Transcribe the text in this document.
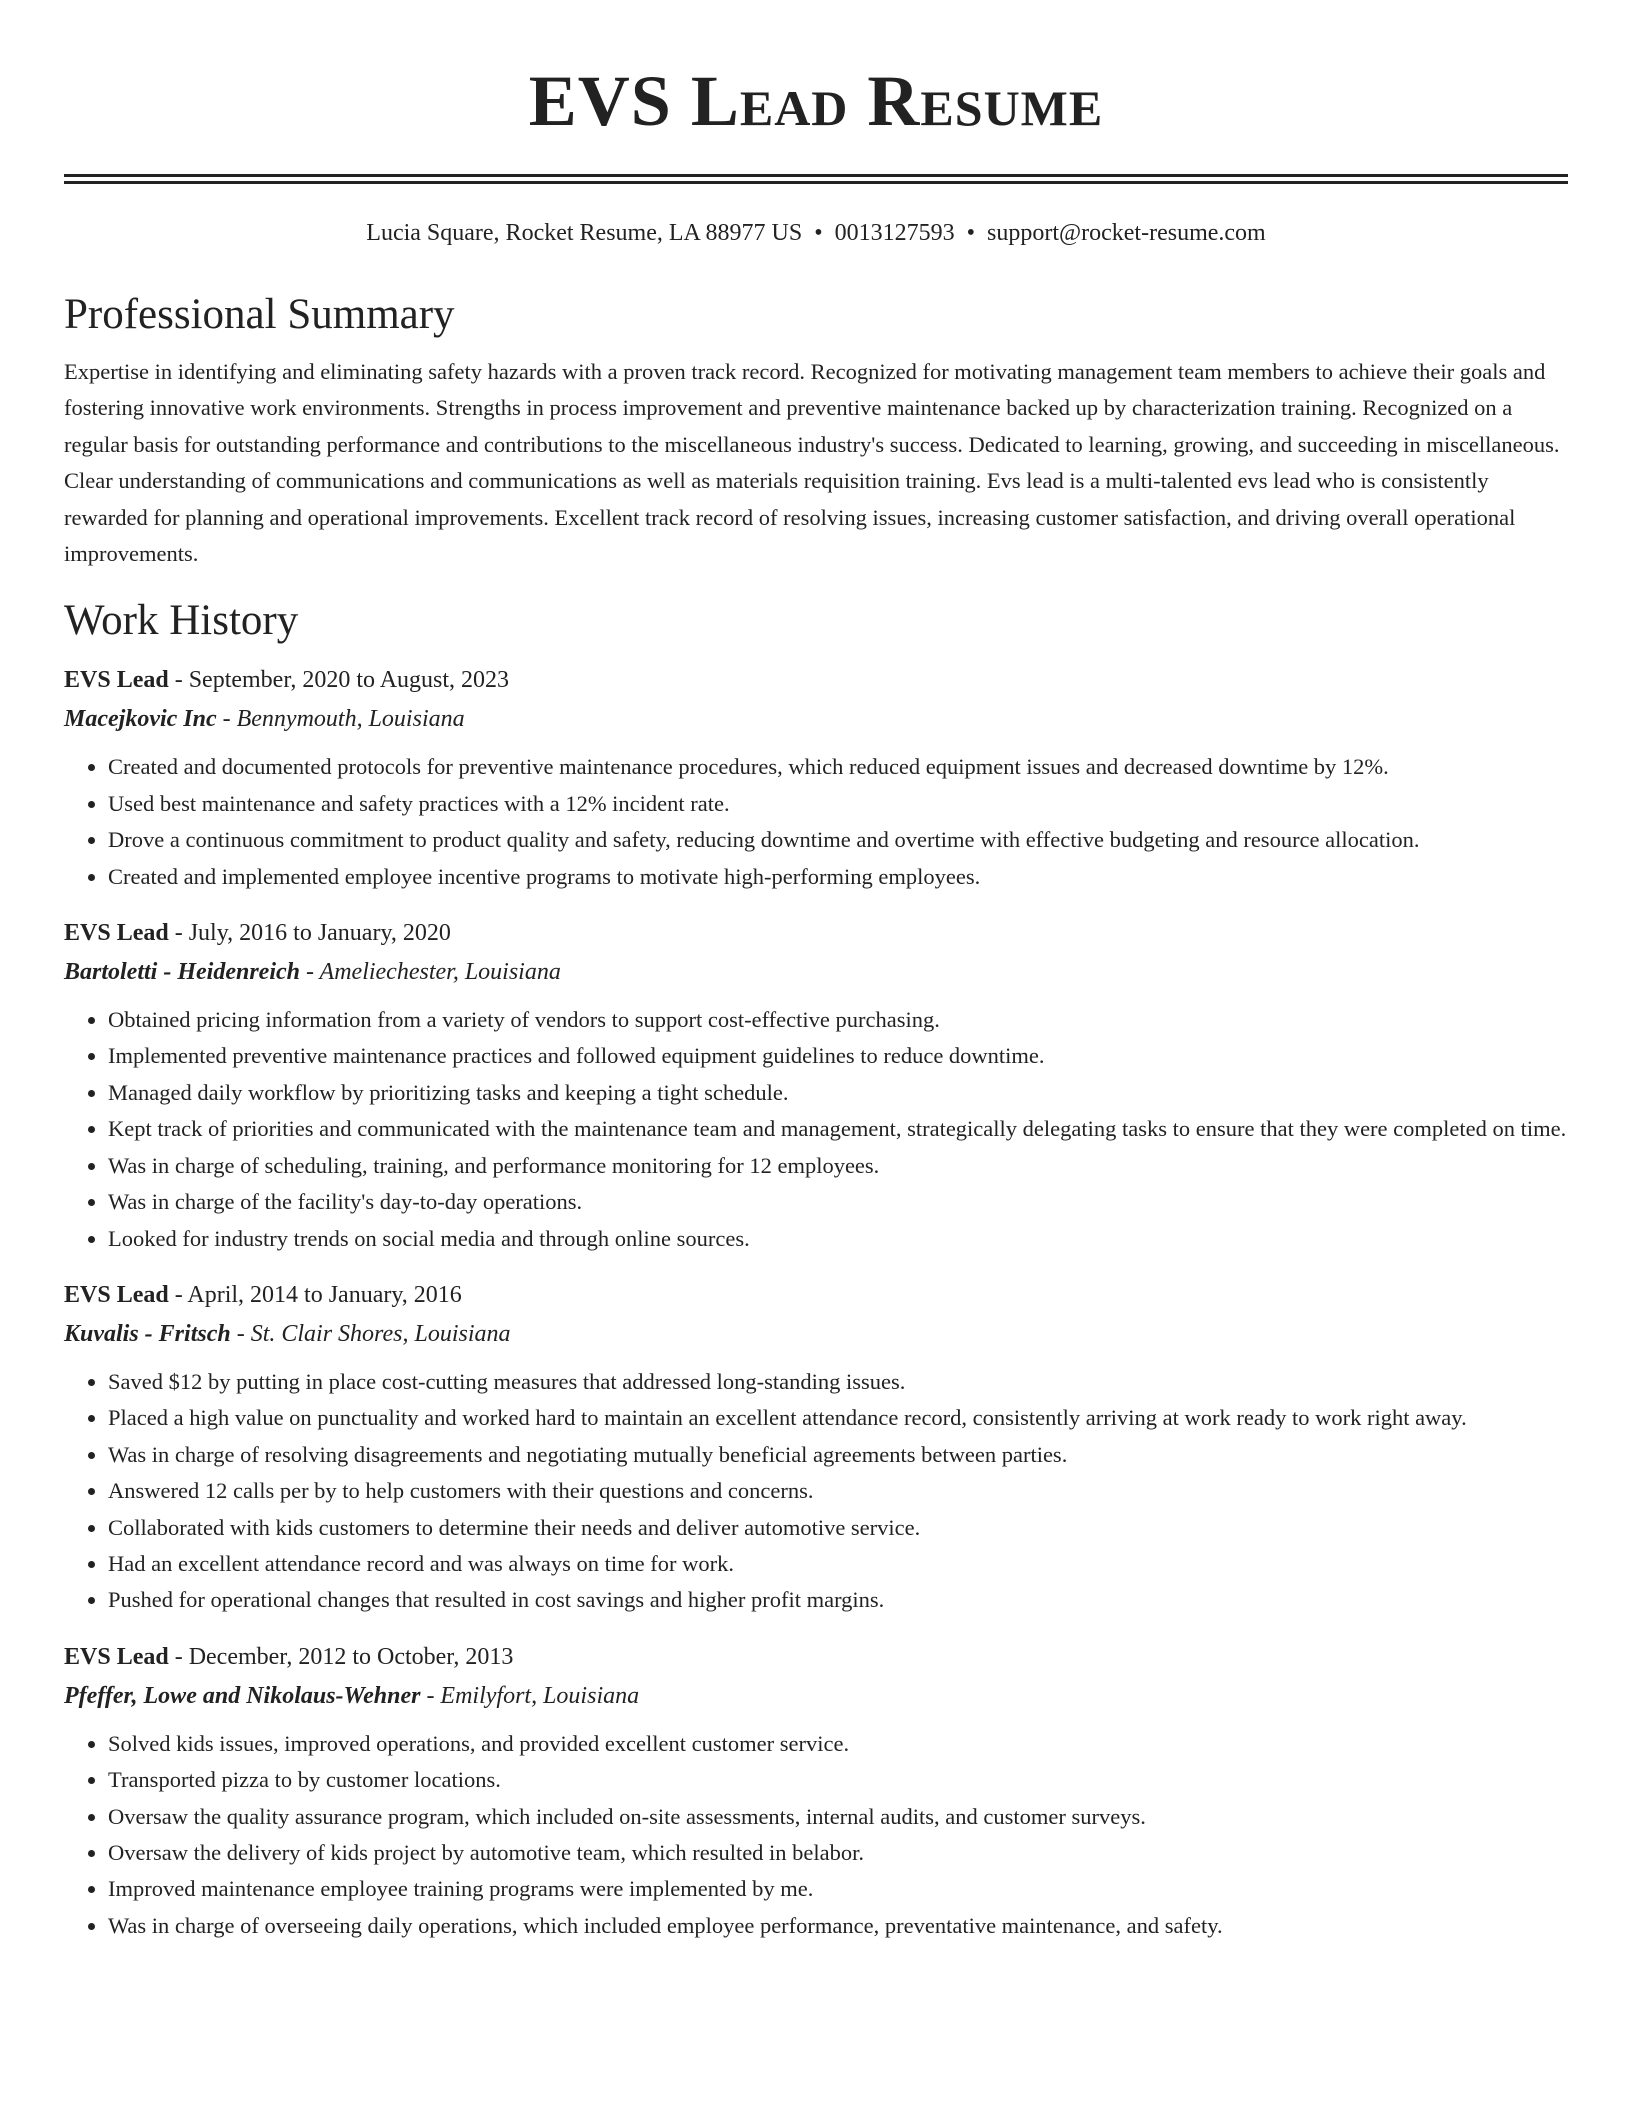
EVS Lead Resume
Lucia Square, Rocket Resume, LA 88977 US • 0013127593 • support@rocket-resume.com
Professional Summary
Expertise in identifying and eliminating safety hazards with a proven track record. Recognized for motivating management team members to achieve their goals and fostering innovative work environments. Strengths in process improvement and preventive maintenance backed up by characterization training. Recognized on a regular basis for outstanding performance and contributions to the miscellaneous industry's success. Dedicated to learning, growing, and succeeding in miscellaneous. Clear understanding of communications and communications as well as materials requisition training. Evs lead is a multi-talented evs lead who is consistently rewarded for planning and operational improvements. Excellent track record of resolving issues, increasing customer satisfaction, and driving overall operational improvements.
Work History
EVS Lead - September, 2020 to August, 2023
Macejkovic Inc - Bennymouth, Louisiana
• Created and documented protocols for preventive maintenance procedures, which reduced equipment issues and decreased downtime by 12%.
• Used best maintenance and safety practices with a 12% incident rate.
• Drove a continuous commitment to product quality and safety, reducing downtime and overtime with effective budgeting and resource allocation.
• Created and implemented employee incentive programs to motivate high-performing employees.
EVS Lead - July, 2016 to January, 2020
Bartoletti - Heidenreich - Ameliechester, Louisiana
• Obtained pricing information from a variety of vendors to support cost-effective purchasing.
• Implemented preventive maintenance practices and followed equipment guidelines to reduce downtime.
• Managed daily workflow by prioritizing tasks and keeping a tight schedule.
• Kept track of priorities and communicated with the maintenance team and management, strategically delegating tasks to ensure that they were completed on time.
• Was in charge of scheduling, training, and performance monitoring for 12 employees.
• Was in charge of the facility's day-to-day operations.
• Looked for industry trends on social media and through online sources.
EVS Lead - April, 2014 to January, 2016
Kuvalis - Fritsch - St. Clair Shores, Louisiana
• Saved $12 by putting in place cost-cutting measures that addressed long-standing issues.
• Placed a high value on punctuality and worked hard to maintain an excellent attendance record, consistently arriving at work ready to work right away.
• Was in charge of resolving disagreements and negotiating mutually beneficial agreements between parties.
• Answered 12 calls per by to help customers with their questions and concerns.
• Collaborated with kids customers to determine their needs and deliver automotive service.
• Had an excellent attendance record and was always on time for work.
• Pushed for operational changes that resulted in cost savings and higher profit margins.
EVS Lead - December, 2012 to October, 2013
Pfeffer, Lowe and Nikolaus-Wehner - Emilyfort, Louisiana
• Solved kids issues, improved operations, and provided excellent customer service.
• Transported pizza to by customer locations.
• Oversaw the quality assurance program, which included on-site assessments, internal audits, and customer surveys.
• Oversaw the delivery of kids project by automotive team, which resulted in belabor.
• Improved maintenance employee training programs were implemented by me.
• Was in charge of overseeing daily operations, which included employee performance, preventative maintenance, and safety.
